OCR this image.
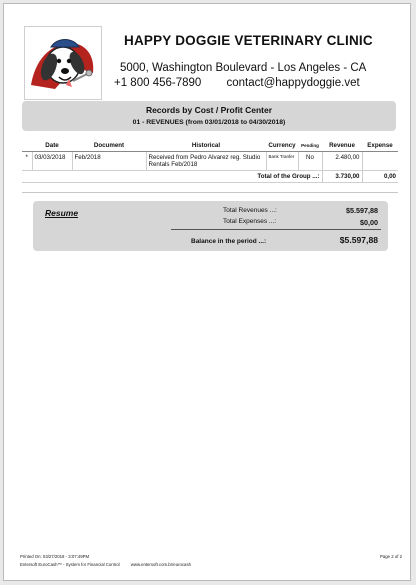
HAPPY DOGGIE VETERINARY CLINIC
5000, Washington Boulevard - Los Angeles - CA
+1 800 456-7890 contact@happydoggie.vet
Records by Cost / Profit Center
01 - REVENUES (from 03/01/2018 to 04/30/2018)
	Date	Document	Historical	Currency	Pending	Revenue	Expense
*	03/03/2018	Feb/2018	Received from Pedro Alvarez reg. Studio Rentals Feb/2018	Bank Tranfer	No	2.480,00	
Total of the Group ...:						3.730,00	0,00
Resume	Total Revenues ...:	$5.597,88
Total Expenses ...:	$0,00
Balance in the period ...:	$5.597,88
Printed On: 03/27/2018 - 3:07:49PM
Entersoft EuroCash™ - System for Financial Control	www.entersoft.com.br/eurocash
Page 2 of 2
